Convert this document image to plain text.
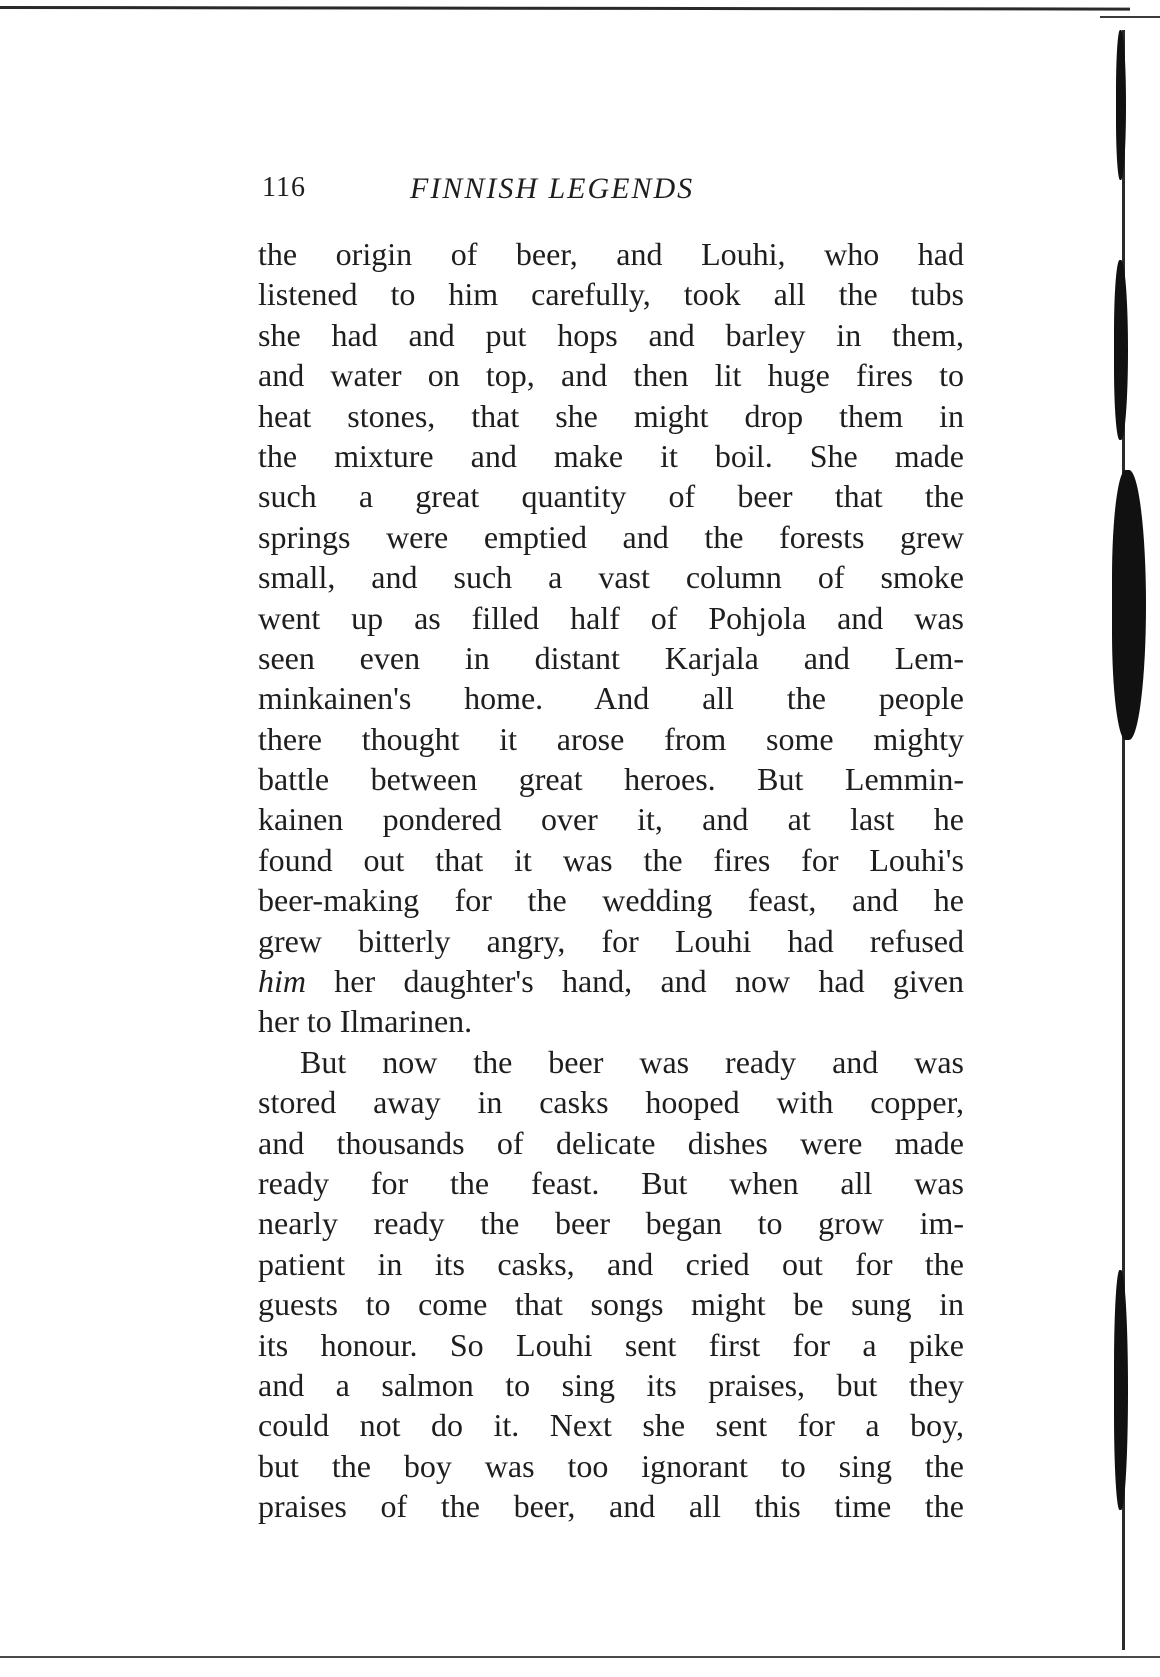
116	FINNISH LEGENDS
the origin of beer, and Louhi, who had
listened to him carefully, took all the tubs
she had and put hops and barley in them,
and water on top, and then lit huge fires to
heat stones, that she might drop them in
the mixture and make it boil. She made
such a great quantity of beer that the
springs were emptied and the forests grew
small, and such a vast column of smoke
went up as filled half of Pohjola and was
seen even in distant Karjala and Lem-
minkainen's home. And all the people
there thought it arose from some mighty
battle between great heroes. But Lemmin-
kainen pondered over it, and at last he
found out that it was the fires for Louhi's
beer-making for the wedding feast, and he
grew bitterly angry, for Louhi had refused
him her daughter's hand, and now had given
her to Ilmarinen.
But now the beer was ready and was
stored away in casks hooped with copper,
and thousands of delicate dishes were made
ready for the feast. But when all was
nearly ready the beer began to grow im-
patient in its casks, and cried out for the
guests to come that songs might be sung in
its honour. So Louhi sent first for a pike
and a salmon to sing its praises, but they
could not do it. Next she sent for a boy,
but the boy was too ignorant to sing the
praises of the beer, and all this time the
